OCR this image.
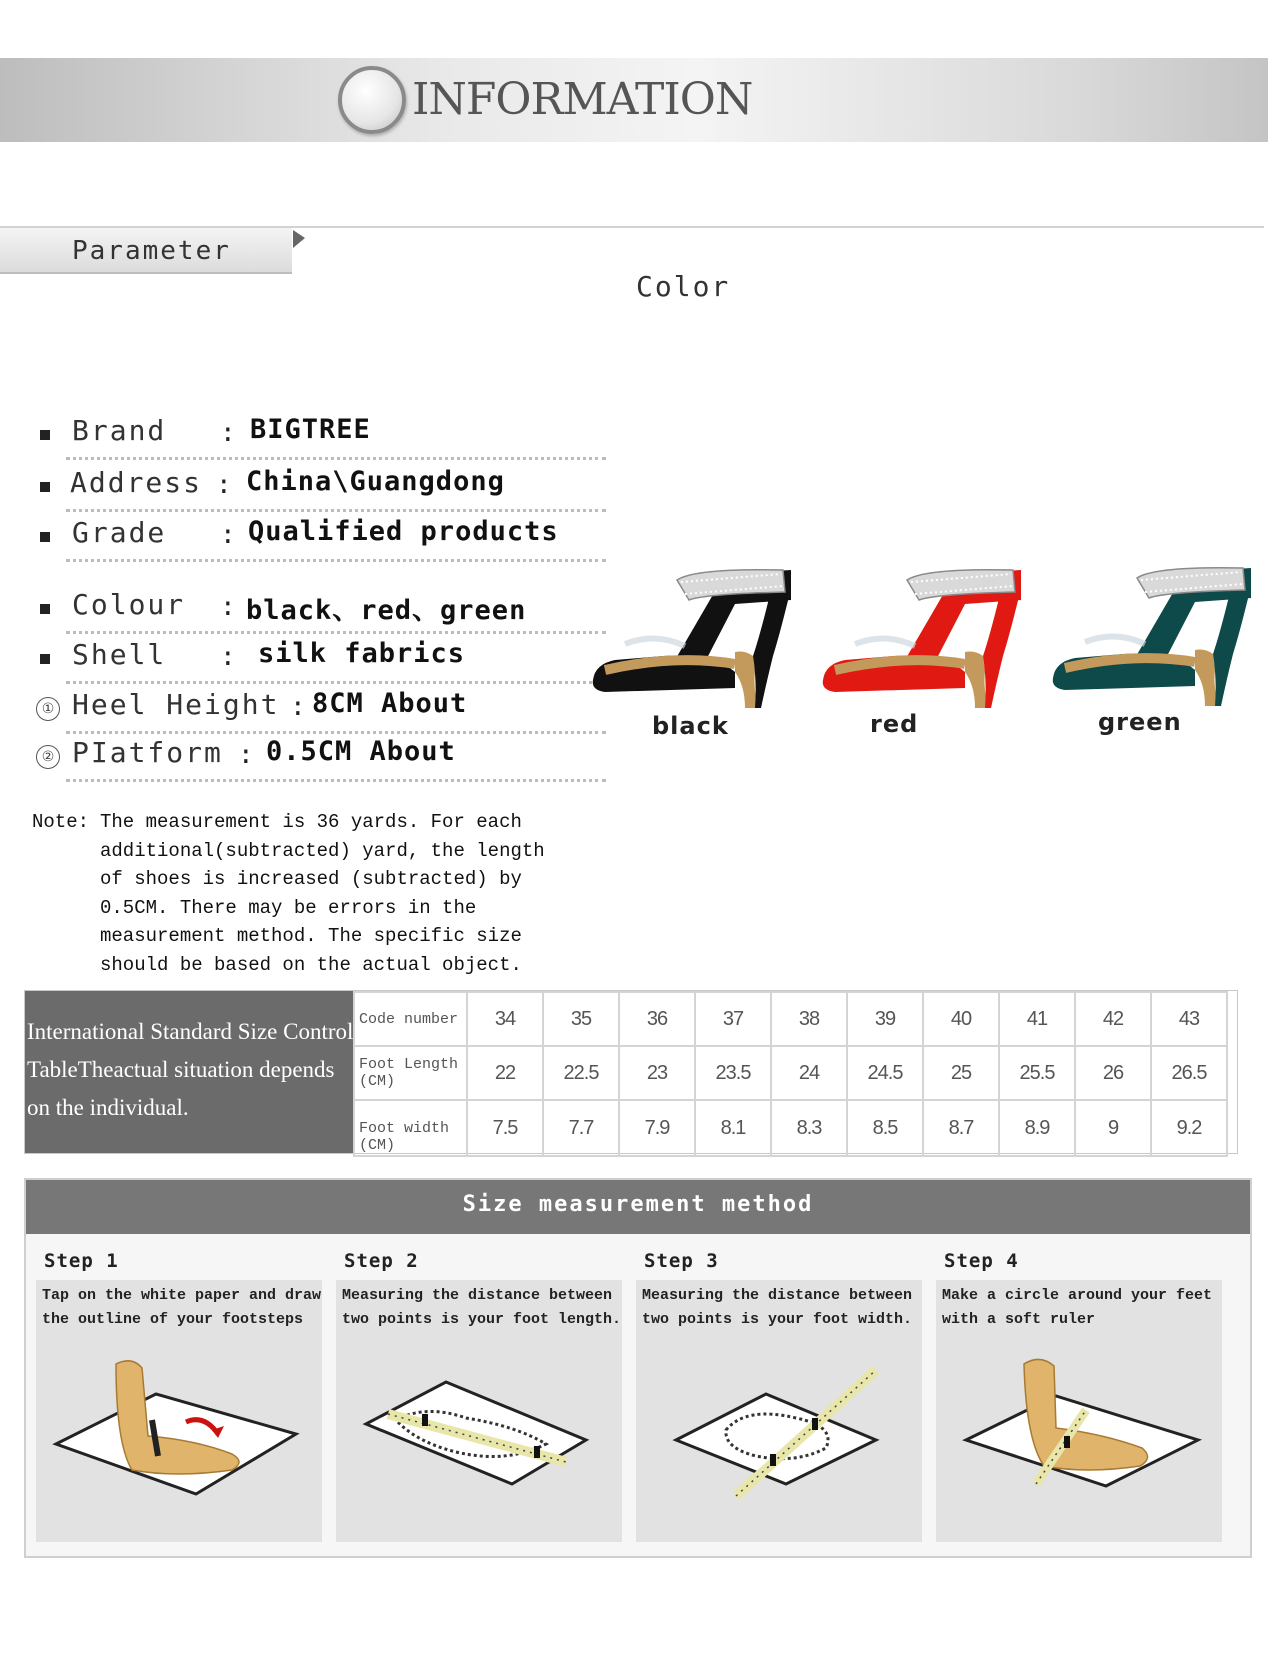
INFORMATION
Parameter
Color
Brand : BIGTREE
Address : China\Guangdong
Grade : Qualified products
Colour : black、red、green
Shell : silk fabrics
① Heel Height : 8CM About
② PIatform : 0.5CM About
Note: The measurement is 36 yards. For each
additional(subtracted) yard, the length
of shoes is increased (subtracted) by
0.5CM. There may be errors in the
measurement method. The specific size
should be based on the actual object.
black	red	green
International Standard Size Control TableTheactual situation depends on the individual.
Code number	34	35	36	37	38	39	40	41	42	43
Foot Length (CM)	22	22.5	23	23.5	24	24.5	25	25.5	26	26.5
Foot width (CM)	7.5	7.7	7.9	8.1	8.3	8.5	8.7	8.9	9	9.2
Size measurement method
Step 1
Tap on the white paper and draw the outline of your footsteps
Step 2
Measuring the distance between two points is your foot length.
Step 3
Measuring the distance between two points is your foot width.
Step 4
Make a circle around your feet with a soft ruler
